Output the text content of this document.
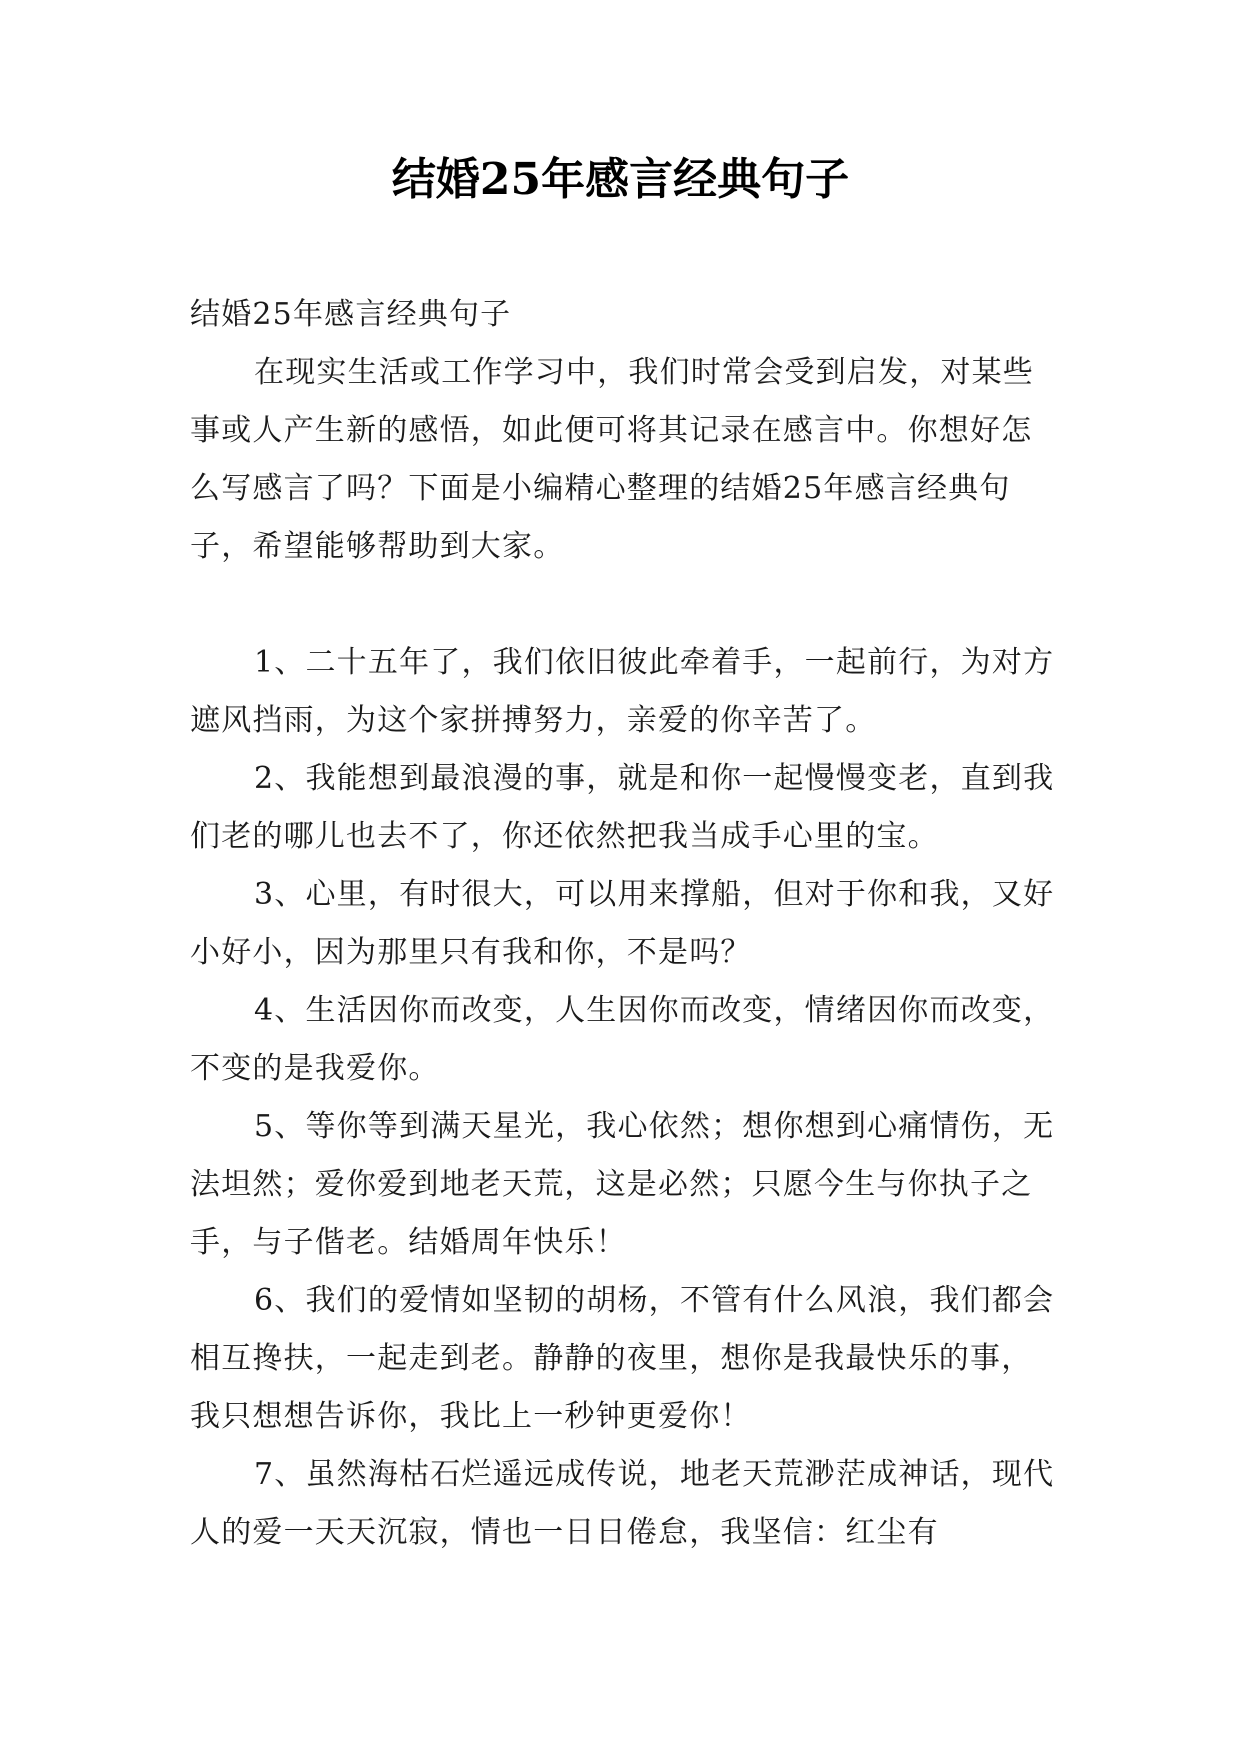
结婚25年感言经典句子

结婚25年感言经典句子

在现实生活或工作学习中，我们时常会受到启发，对某些事或人产生新的感悟，如此便可将其记录在感言中。你想好怎么写感言了吗？下面是小编精心整理的结婚25年感言经典句子，希望能够帮助到大家。

1、二十五年了，我们依旧彼此牵着手，一起前行，为对方遮风挡雨，为这个家拼搏努力，亲爱的你辛苦了。

2、我能想到最浪漫的事，就是和你一起慢慢变老，直到我们老的哪儿也去不了，你还依然把我当成手心里的宝。

3、心里，有时很大，可以用来撑船，但对于你和我，又好小好小，因为那里只有我和你，不是吗？

4、生活因你而改变，人生因你而改变，情绪因你而改变，不变的是我爱你。

5、等你等到满天星光，我心依然；想你想到心痛情伤，无法坦然；爱你爱到地老天荒，这是必然；只愿今生与你执子之手，与子偕老。结婚周年快乐！

6、我们的爱情如坚韧的胡杨，不管有什么风浪，我们都会相互搀扶，一起走到老。静静的夜里，想你是我最快乐的事，我只想想告诉你，我比上一秒钟更爱你！

7、虽然海枯石烂遥远成传说，地老天荒渺茫成神话，现代人的爱一天天沉寂，情也一日日倦怠，我坚信：红尘有
